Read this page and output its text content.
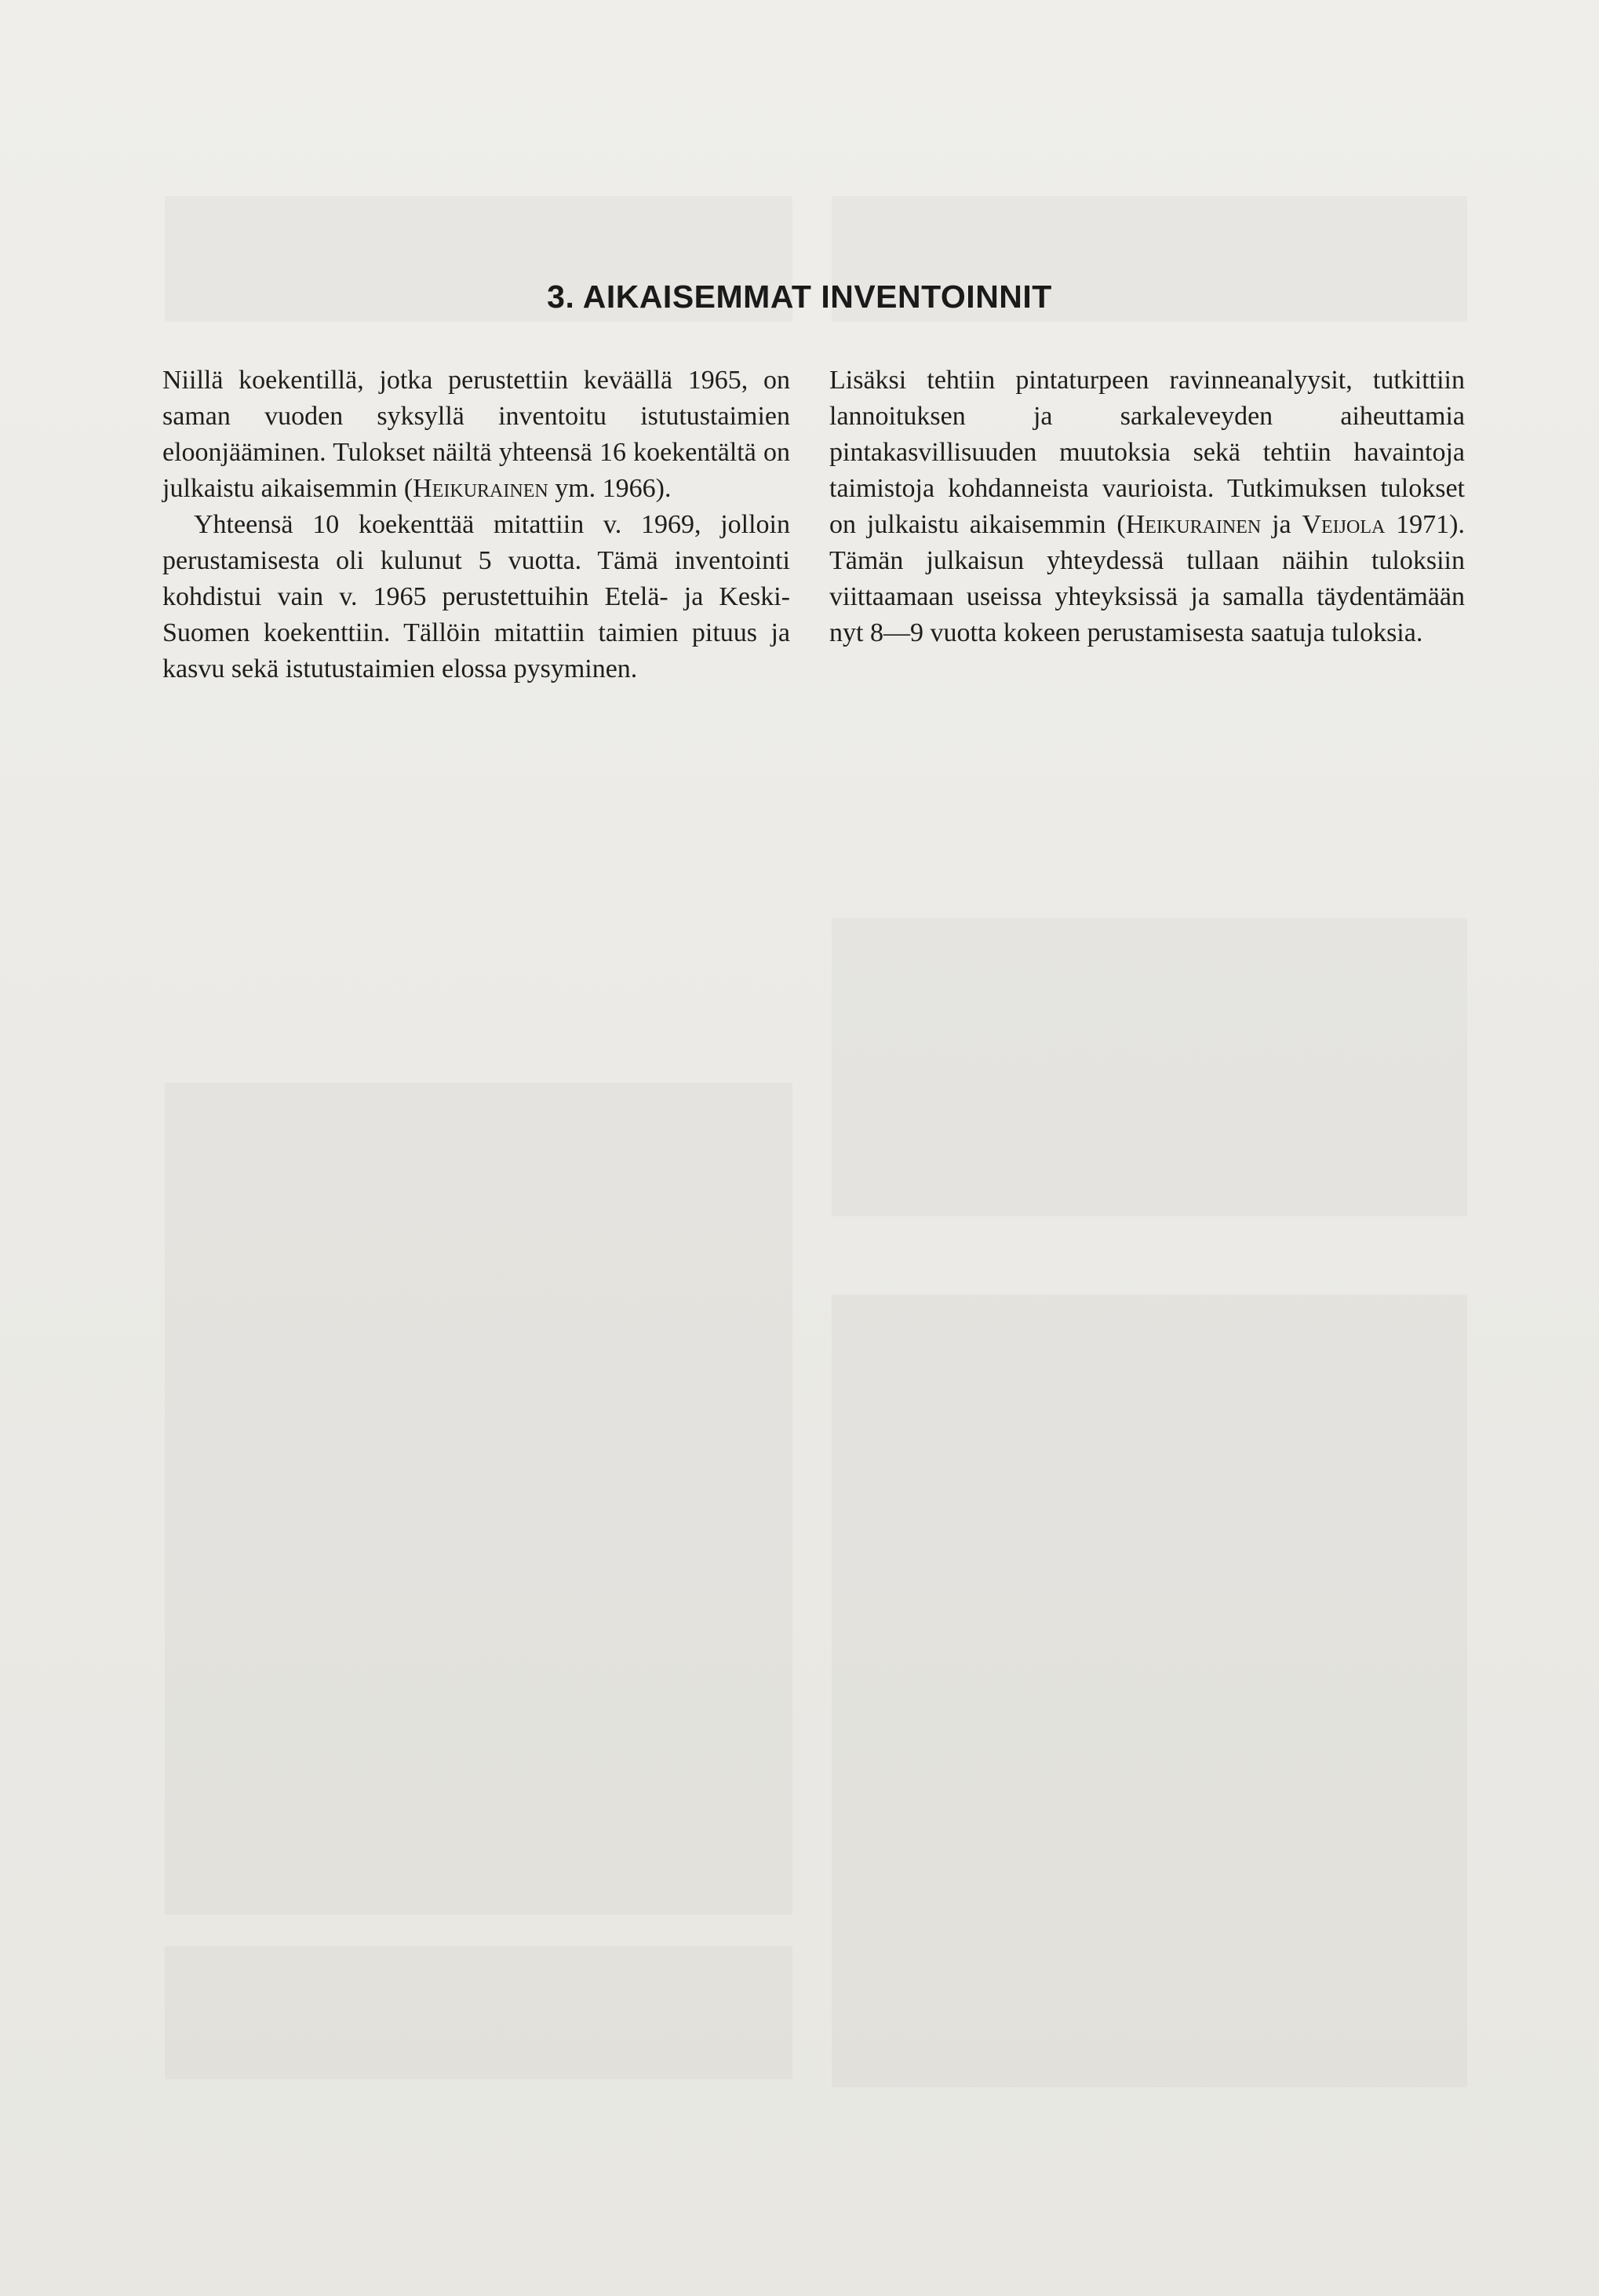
3. AIKAISEMMAT INVENTOINNIT

Niillä koekentillä, jotka perustettiin keväällä 1965, on saman vuoden syksyllä inventoitu istutustaimien eloonjääminen. Tulokset näiltä yhteensä 16 koekentältä on julkaistu aikaisemmin (Heikurainen ym. 1966).

Yhteensä 10 koekenttää mitattiin v. 1969, jolloin perustamisesta oli kulunut 5 vuotta. Tämä inventointi kohdistui vain v. 1965 perustettuihin Etelä- ja Keski-Suomen koekenttiin. Tällöin mitattiin taimien pituus ja kasvu sekä istutustaimien elossa pysyminen.

Lisäksi tehtiin pintaturpeen ravinneanalyysit, tutkittiin lannoituksen ja sarkaleveyden aiheuttamia pintakasvillisuuden muutoksia sekä tehtiin havaintoja taimistoja kohdanneista vaurioista. Tutkimuksen tulokset on julkaistu aikaisemmin (Heikurainen ja Veijola 1971). Tämän julkaisun yhteydessä tullaan näihin tuloksiin viittaamaan useissa yhteyksissä ja samalla täydentämään nyt 8—9 vuotta kokeen perustamisesta saatuja tuloksia.
